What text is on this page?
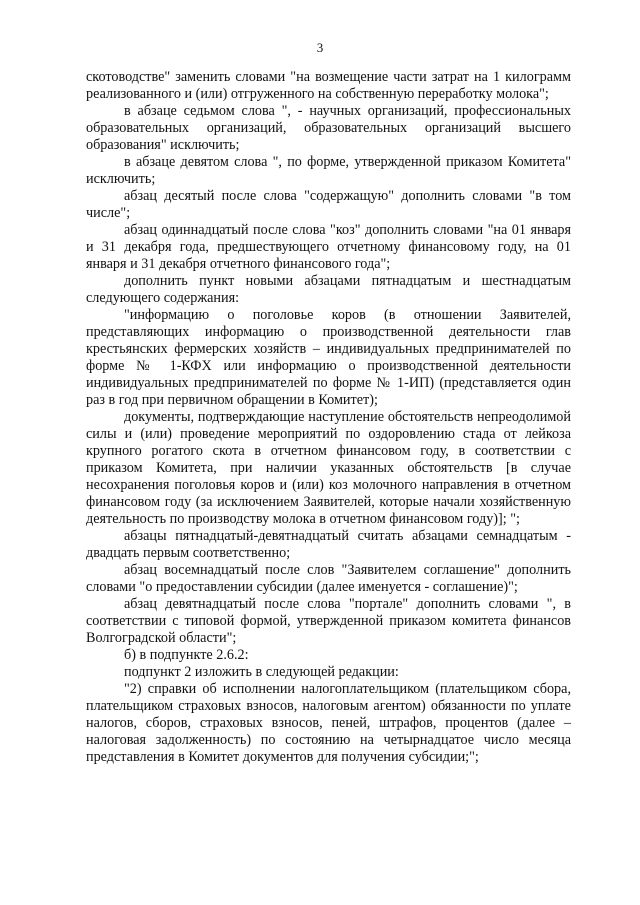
3

скотоводстве" заменить словами "на возмещение части затрат на 1 килограмм реализованного и (или) отгруженного на собственную переработку молока";

в абзаце седьмом слова ", - научных организаций, профессиональных образовательных организаций, образовательных организаций высшего образования" исключить;

в абзаце девятом слова ", по форме, утвержденной приказом Комитета" исключить;

абзац десятый после слова "содержащую" дополнить словами "в том числе";

абзац одиннадцатый после слова "коз" дополнить словами "на 01 января и 31 декабря года, предшествующего отчетному финансовому году, на 01 января и 31 декабря отчетного финансового года";

дополнить пункт новыми абзацами пятнадцатым и шестнадцатым следующего содержания:

"информацию о поголовье коров (в отношении Заявителей, представляющих информацию о производственной деятельности глав крестьянских фермерских хозяйств – индивидуальных предпринимателей по форме № 1-КФХ или информацию о производственной деятельности индивидуальных предпринимателей по форме № 1-ИП) (представляется один раз в год при первичном обращении в Комитет);

документы, подтверждающие наступление обстоятельств непреодолимой силы и (или) проведение мероприятий по оздоровлению стада от лейкоза крупного рогатого скота в отчетном финансовом году, в соответствии с приказом Комитета, при наличии указанных обстоятельств [в случае несохранения поголовья коров и (или) коз молочного направления в отчетном финансовом году (за исключением Заявителей, которые начали хозяйственную деятельность по производству молока в отчетном финансовом году)]; ";

абзацы пятнадцатый-девятнадцатый считать абзацами семнадцатым - двадцать первым соответственно;

абзац восемнадцатый после слов "Заявителем соглашение" дополнить словами "о предоставлении субсидии (далее именуется - соглашение)";

абзац девятнадцатый после слова "портале" дополнить словами ", в соответствии с типовой формой, утвержденной приказом комитета финансов Волгоградской области";

б) в подпункте 2.6.2:

подпункт 2 изложить в следующей редакции:

"2) справки об исполнении налогоплательщиком (плательщиком сбора, плательщиком страховых взносов, налоговым агентом) обязанности по уплате налогов, сборов, страховых взносов, пеней, штрафов, процентов (далее – налоговая задолженность) по состоянию на четырнадцатое число месяца представления в Комитет документов для получения субсидии;";
